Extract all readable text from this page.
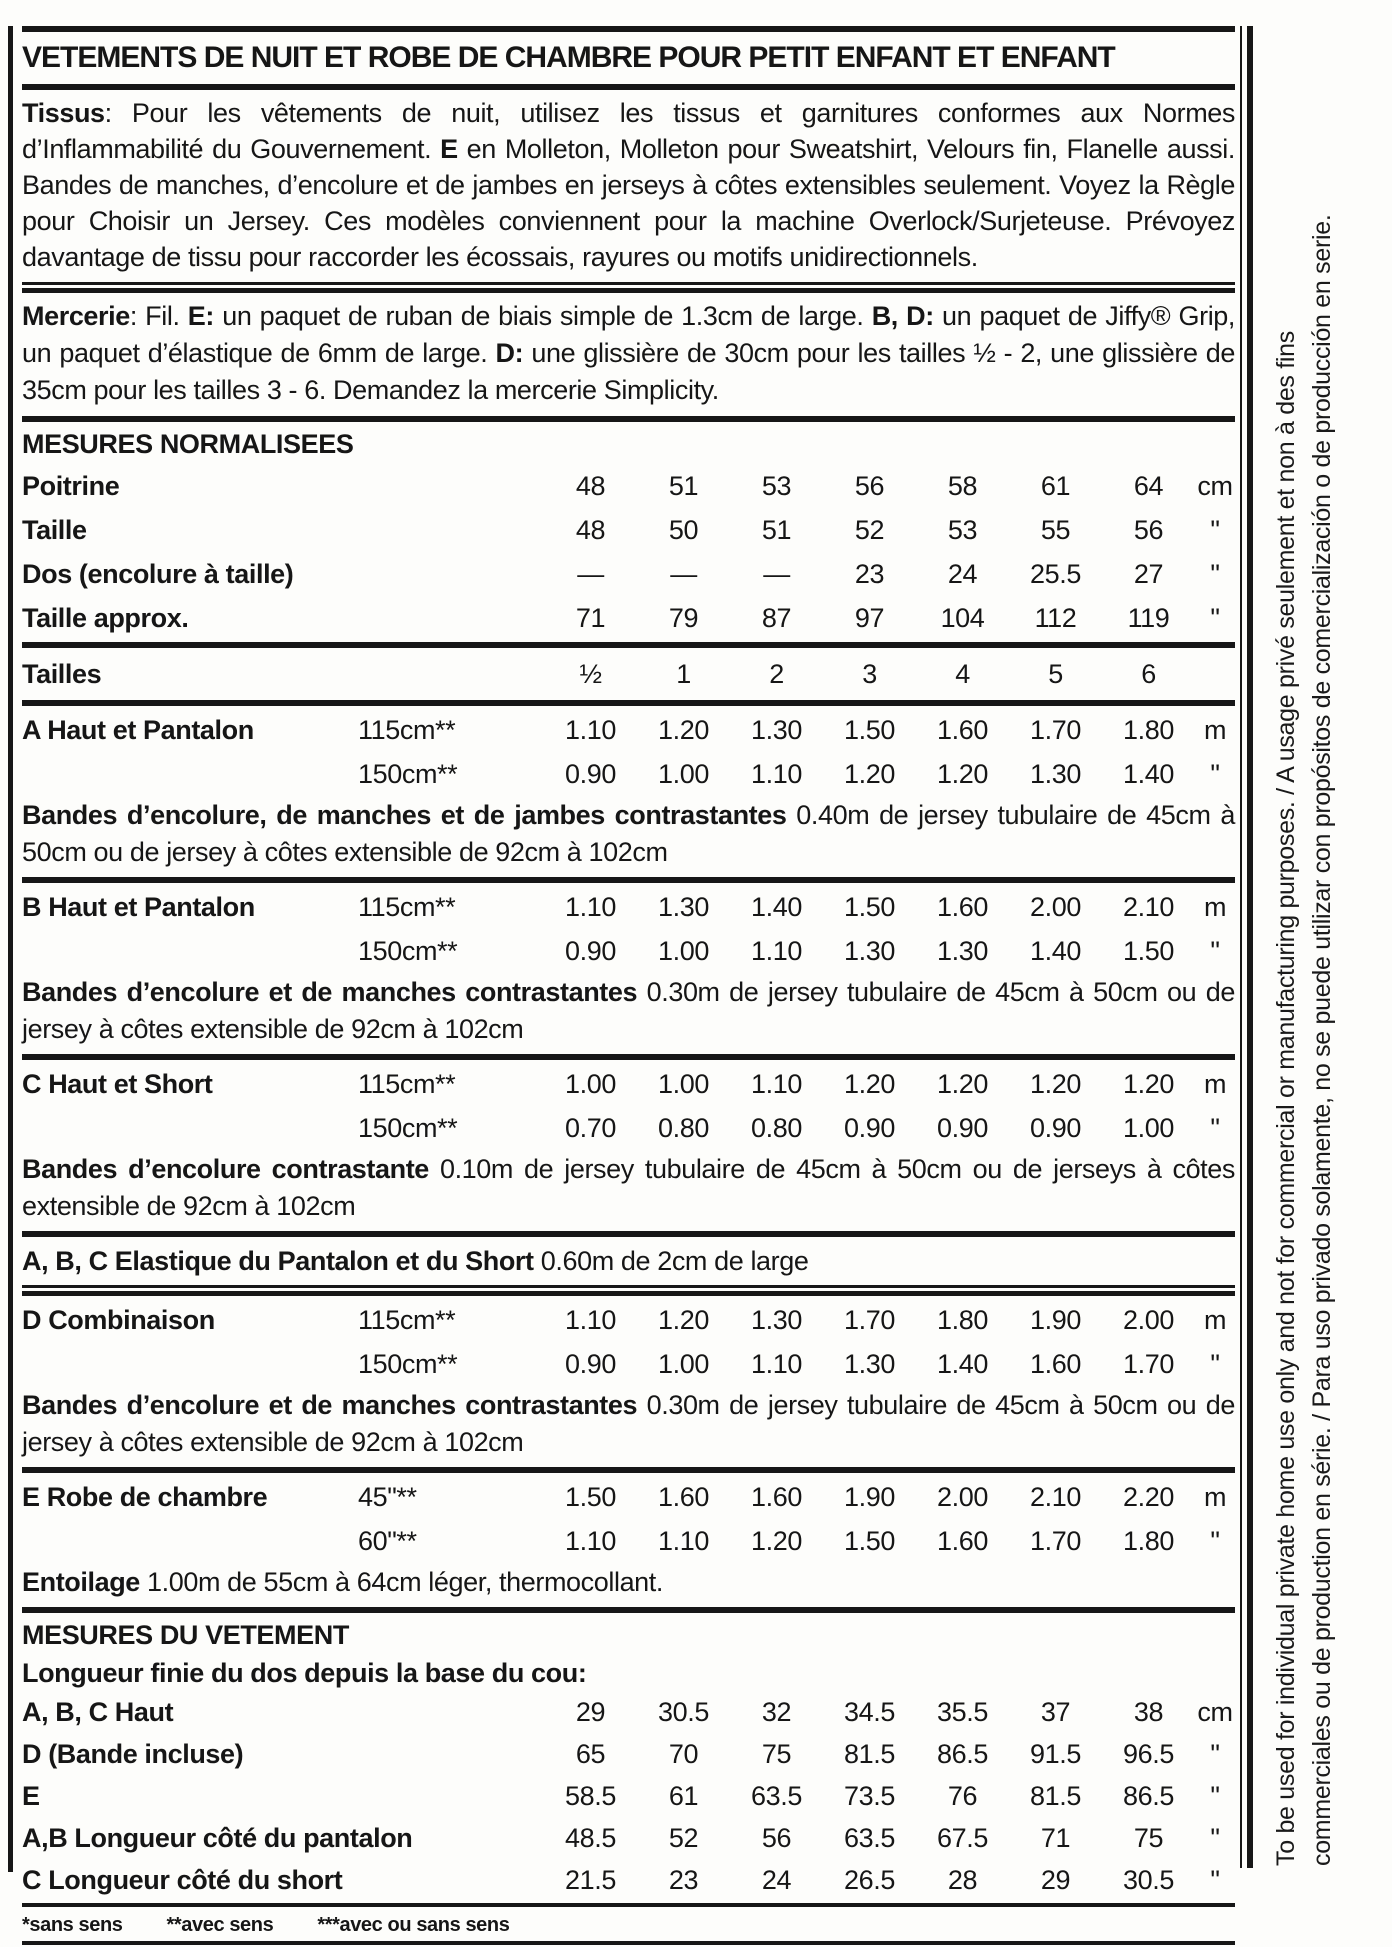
To be used for individual private home use only and not for commercial or manufacturing purposes. / A usage privé seulement et non à des fins commerciales ou de production en série. / Para uso privado solamente, no se puede utilizar con propósitos de comercialización o de producción en serie.
VETEMENTS DE NUIT ET ROBE DE CHAMBRE POUR PETIT ENFANT ET ENFANT

Tissus: Pour les vêtements de nuit, utilisez les tissus et garnitures conformes aux Normes d’Inflammabilité du Gouvernement. E en Molleton, Molleton pour Sweatshirt, Velours fin, Flanelle aussi. Bandes de manches, d’encolure et de jambes en jerseys à côtes extensibles seulement. Voyez la Règle pour Choisir un Jersey. Ces modèles conviennent pour la machine Overlock/Surjeteuse. Prévoyez davantage de tissu pour raccorder les écossais, rayures ou motifs unidirectionnels.

Mercerie: Fil. E: un paquet de ruban de biais simple de 1.3cm de large. B, D: un paquet de Jiffy® Grip, un paquet d’élastique de 6mm de large. D: une glissière de 30cm pour les tailles ½ - 2, une glissière de 35cm pour les tailles 3 - 6. Demandez la mercerie Simplicity.

MESURES NORMALISEES
Poitrine	48	51	53	56	58	61	64	cm
Taille	48	50	51	52	53	55	56	"
Dos (encolure à taille)	—	—	—	23	24	25.5	27	"
Taille approx.	71	79	87	97	104	112	119	"
Tailles	½	1	2	3	4	5	6
A Haut et Pantalon	115cm**	1.10	1.20	1.30	1.50	1.60	1.70	1.80	m
150cm**	0.90	1.00	1.10	1.20	1.20	1.30	1.40	"

Bandes d’encolure, de manches et de jambes contrastantes 0.40m de jersey tubulaire de 45cm à 50cm ou de jersey à côtes extensible de 92cm à 102cm

B Haut et Pantalon	115cm**	1.10	1.30	1.40	1.50	1.60	2.00	2.10	m
150cm**	0.90	1.00	1.10	1.30	1.30	1.40	1.50	"

Bandes d’encolure et de manches contrastantes 0.30m de jersey tubulaire de 45cm à 50cm ou de jersey à côtes extensible de 92cm à 102cm

C Haut et Short	115cm**	1.00	1.00	1.10	1.20	1.20	1.20	1.20	m
150cm**	0.70	0.80	0.80	0.90	0.90	0.90	1.00	"

Bandes d’encolure contrastante 0.10m de jersey tubulaire de 45cm à 50cm ou de jerseys à côtes extensible de 92cm à 102cm

A, B, C Elastique du Pantalon et du Short 0.60m de 2cm de large
D Combinaison	115cm**	1.10	1.20	1.30	1.70	1.80	1.90	2.00	m
150cm**	0.90	1.00	1.10	1.30	1.40	1.60	1.70	"

Bandes d’encolure et de manches contrastantes 0.30m de jersey tubulaire de 45cm à 50cm ou de jersey à côtes extensible de 92cm à 102cm

E Robe de chambre	45"**	1.50	1.60	1.60	1.90	2.00	2.10	2.20	m
60"**	1.10	1.10	1.20	1.50	1.60	1.70	1.80	"

Entoilage 1.00m de 55cm à 64cm léger, thermocollant.

MESURES DU VETEMENT
Longueur finie du dos depuis la base du cou:
A, B, C Haut	29	30.5	32	34.5	35.5	37	38	cm
D (Bande incluse)	65	70	75	81.5	86.5	91.5	96.5	"
E	58.5	61	63.5	73.5	76	81.5	86.5	"
A,B Longueur côté du pantalon	48.5	52	56	63.5	67.5	71	75	"
C Longueur côté du short	21.5	23	24	26.5	28	29	30.5	"
*sans sens **avec sens ***avec ou sans sens
